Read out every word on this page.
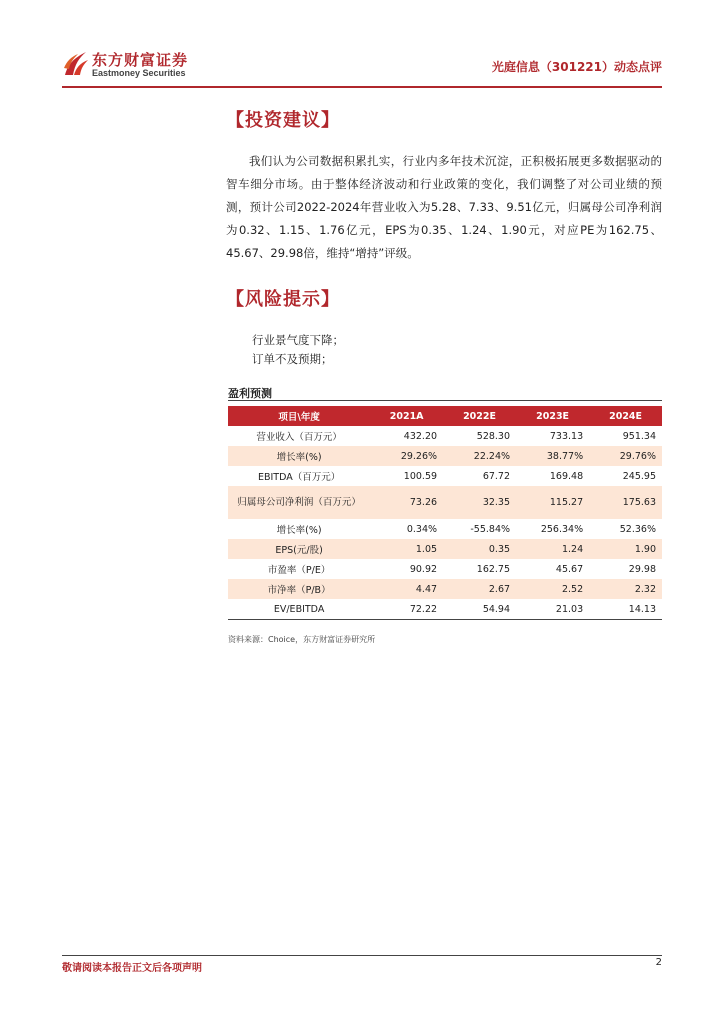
东方财富证券
Eastmoney Securities	光庭信息（301221）动态点评
【投资建议】

我们认为公司数据积累扎实，行业内多年技术沉淀，正积极拓展更多数据驱动的智车细分市场。由于整体经济波动和行业政策的变化，我们调整了对公司业绩的预测，预计公司2022-2024年营业收入为5.28、7.33、9.51亿元，归属母公司净利润为0.32、1.15、1.76亿元，EPS为0.35、1.24、1.90元，对应PE为162.75、45.67、29.98倍，维持“增持”评级。

【风险提示】
行业景气度下降；
订单不及预期；
盈利预测
项目\年度	2021A	2022E	2023E	2024E
营业收入（百万元）	432.20	528.30	733.13	951.34
增长率(%)	29.26%	22.24%	38.77%	29.76%
EBITDA（百万元）	100.59	67.72	169.48	245.95
归属母公司净利润（百万元）	73.26	32.35	115.27	175.63
增长率(%)	0.34%	-55.84%	256.34%	52.36%
EPS(元/股)	1.05	0.35	1.24	1.90
市盈率（P/E）	90.92	162.75	45.67	29.98
市净率（P/B）	4.47	2.67	2.52	2.32
EV/EBITDA	72.22	54.94	21.03	14.13
资料来源：Choice，东方财富证券研究所
敬请阅读本报告正文后各项声明
2
